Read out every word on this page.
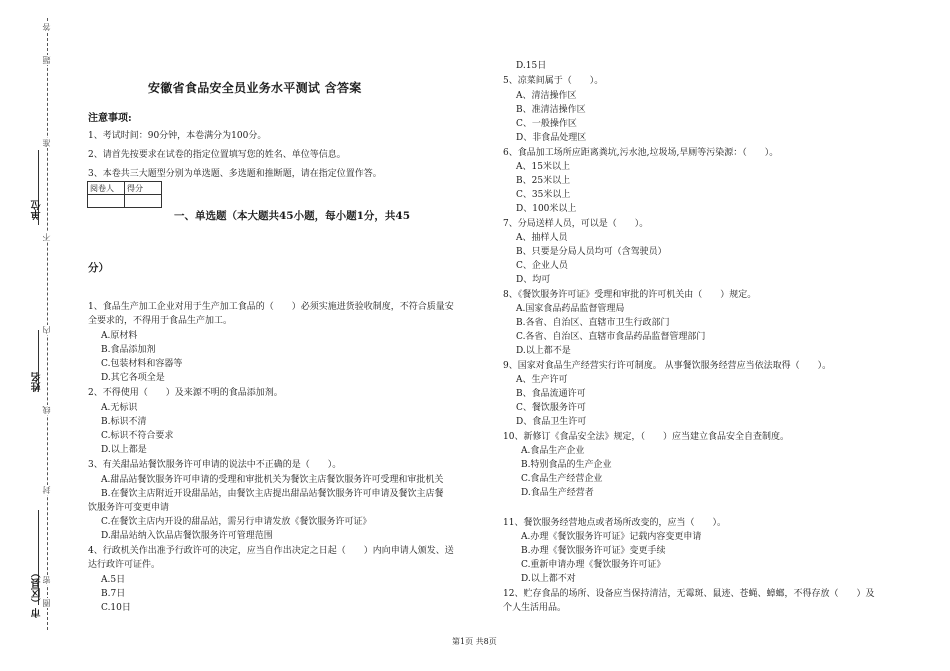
题
准
不
内
线
封
密
圈
答
单位
姓名
市（区县）
安徽省食品安全员业务水平测试 含答案
注意事项:
1、考试时间：90分钟，本卷满分为100分。
2、请首先按要求在试卷的指定位置填写您的姓名、单位等信息。
3、本卷共三大题型分别为单选题、多选题和推断题，请在指定位置作答。
阅卷人	得分

一、单选题（本大题共45小题，每小题1分，共45
分）
1、食品生产加工企业对用于生产加工食品的（　　）必须实施进货验收制度，不符合质量安
全要求的，不得用于食品生产加工。
A.原材料
B.食品添加剂
C.包装材料和容器等
D.其它各项全是
2、不得使用（　　）及来源不明的食品添加剂。
A.无标识
B.标识不清
C.标识不符合要求
D.以上都是
3、有关甜品站餐饮服务许可申请的说法中不正确的是（　　）。
A.甜品站餐饮服务许可申请的受理和审批机关为餐饮主店餐饮服务许可受理和审批机关
B.在餐饮主店附近开设甜品站，由餐饮主店提出甜品站餐饮服务许可申请及餐饮主店餐
饮服务许可变更申请
C.在餐饮主店内开设的甜品站，需另行申请发放《餐饮服务许可证》
D.甜品站纳入饮品店餐饮服务许可管理范围
4、行政机关作出准予行政许可的决定，应当自作出决定之日起（　　）内向申请人颁发、送
达行政许可证件。
A.5日
B.7日
C.10日
D.15日
5、凉菜间属于（　　）。
A、清洁操作区
B、准清洁操作区
C、一般操作区
D、非食品处理区
6、食品加工场所应距离粪坑,污水池,垃圾场,旱厕等污染源：（　　）。
A、15米以上
B、25米以上
C、35米以上
D、100米以上
7、分局送样人员，可以是（　　）。
A、抽样人员
B、只要是分局人员均可（含驾驶员）
C、企业人员
D、均可
8、《餐饮服务许可证》受理和审批的许可机关由（　　）规定。
A.国家食品药品监督管理局
B.各省、自治区、直辖市卫生行政部门
C.各省、自治区、直辖市食品药品监督管理部门
D.以上都不是
9、国家对食品生产经营实行许可制度。 从事餐饮服务经营应当依法取得（　　）。
A、生产许可
B、食品流通许可
C、餐饮服务许可
D、食品卫生许可
10、新修订《食品安全法》规定，（　　）应当建立食品安全自查制度。
A.食品生产企业
B.特别食品的生产企业
C.食品生产经营企业
D.食品生产经营者
11、餐饮服务经营地点或者场所改变的，应当（　　）。
A.办理《餐饮服务许可证》记载内容变更申请
B.办理《餐饮服务许可证》变更手续
C.重新申请办理《餐饮服务许可证》
D.以上都不对
12、贮存食品的场所、设备应当保持清洁，无霉斑、鼠迹、苍蝇、蟑螂，不得存放（　　）及
个人生活用品。
第1页 共8页
